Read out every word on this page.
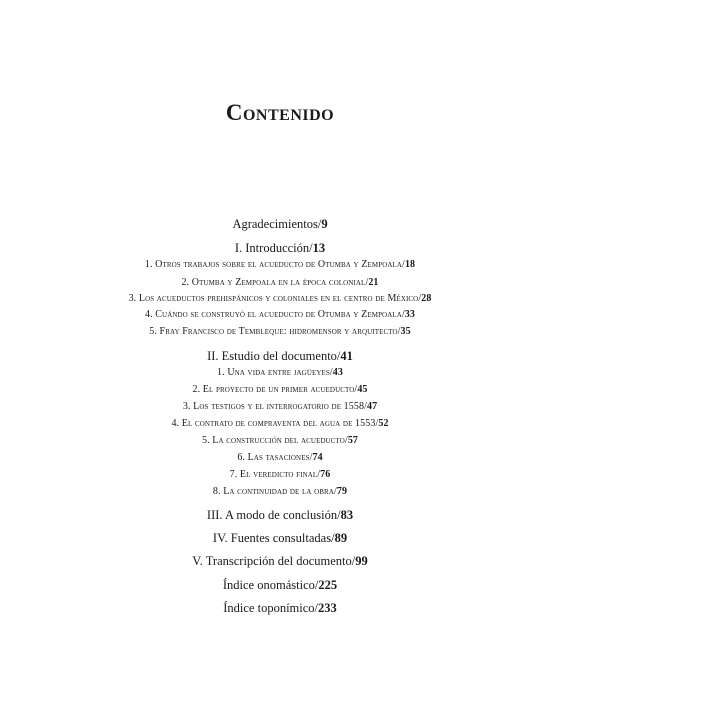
Contenido
Agradecimientos/9
I. Introducción/13
1. Otros trabajos sobre el acueducto de Otumba y Zempoala/18
2. Otumba y Zempoala en la época colonial/21
3. Los acueductos prehispánicos y coloniales en el centro de México/28
4. Cuándo se construyó el acueducto de Otumba y Zempoala/33
5. Fray Francisco de Tembleque: hidromensor y arquitecto/35
II. Estudio del documento/41
1. Una vida entre jagüeyes/43
2. El proyecto de un primer acueducto/45
3. Los testigos y el interrogatorio de 1558/47
4. El contrato de compraventa del agua de 1553/52
5. La construcción del acueducto/57
6. Las tasaciones/74
7. El veredicto final/76
8. La continuidad de la obra/79
III. A modo de conclusión/83
IV. Fuentes consultadas/89
V. Transcripción del documento/99
Índice onomástico/225
Índice toponímico/233
